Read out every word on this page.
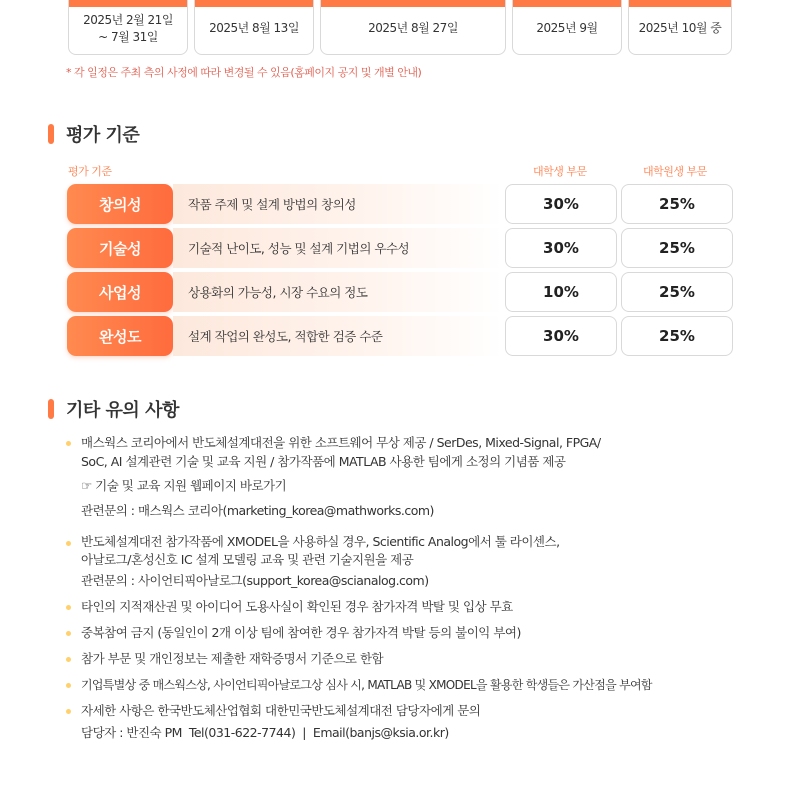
2025년 2월 21일
~ 7월 31일
2025년 8월 13일	2025년 8월 27일	2025년 9월	2025년 10월 중
* 각 일정은 주최 측의 사정에 따라 변경될 수 있음(홈페이지 공지 및 개별 안내)
평가 기준
평가 기준	대학생 부문	대학원생 부문
창의성	작품 주제 및 설계 방법의 창의성	30%	25%
기술성	기술적 난이도, 성능 및 설계 기법의 우수성	30%	25%
사업성	상용화의 가능성, 시장 수요의 정도	10%	25%
완성도	설계 작업의 완성도, 적합한 검증 수준	30%	25%
기타 유의 사항
매스웍스 코리아에서 반도체설계대전을 위한 소프트웨어 무상 제공 / SerDes, Mixed-Signal, FPGA/
SoC, AI 설계관련 기술 및 교육 지원 / 참가작품에 MATLAB 사용한 팀에게 소정의 기념품 제공
☞ 기술 및 교육 지원 웹페이지 바로가기
관련문의 : 매스웍스 코리아(marketing_korea@mathworks.com)
반도체설계대전 참가작품에 XMODEL을 사용하실 경우, Scientific Analog에서 툴 라이센스,
아날로그/혼성신호 IC 설계 모델링 교육 및 관련 기술지원을 제공
관련문의 : 사이언티픽아날로그(support_korea@scianalog.com)
타인의 지적재산권 및 아이디어 도용사실이 확인된 경우 참가자격 박탈 및 입상 무효
중복참여 금지 (동일인이 2개 이상 팀에 참여한 경우 참가자격 박탈 등의 불이익 부여)
참가 부문 및 개인정보는 제출한 재학증명서 기준으로 한함
기업특별상 중 매스웍스상, 사이언티픽아날로그상 심사 시, MATLAB 및 XMODEL을 활용한 학생들은 가산점을 부여함
자세한 사항은 한국반도체산업협회 대한민국반도체설계대전 담당자에게 문의
담당자 : 반진숙 PM  Tel(031-622-7744)  |  Email(banjs@ksia.or.kr)
